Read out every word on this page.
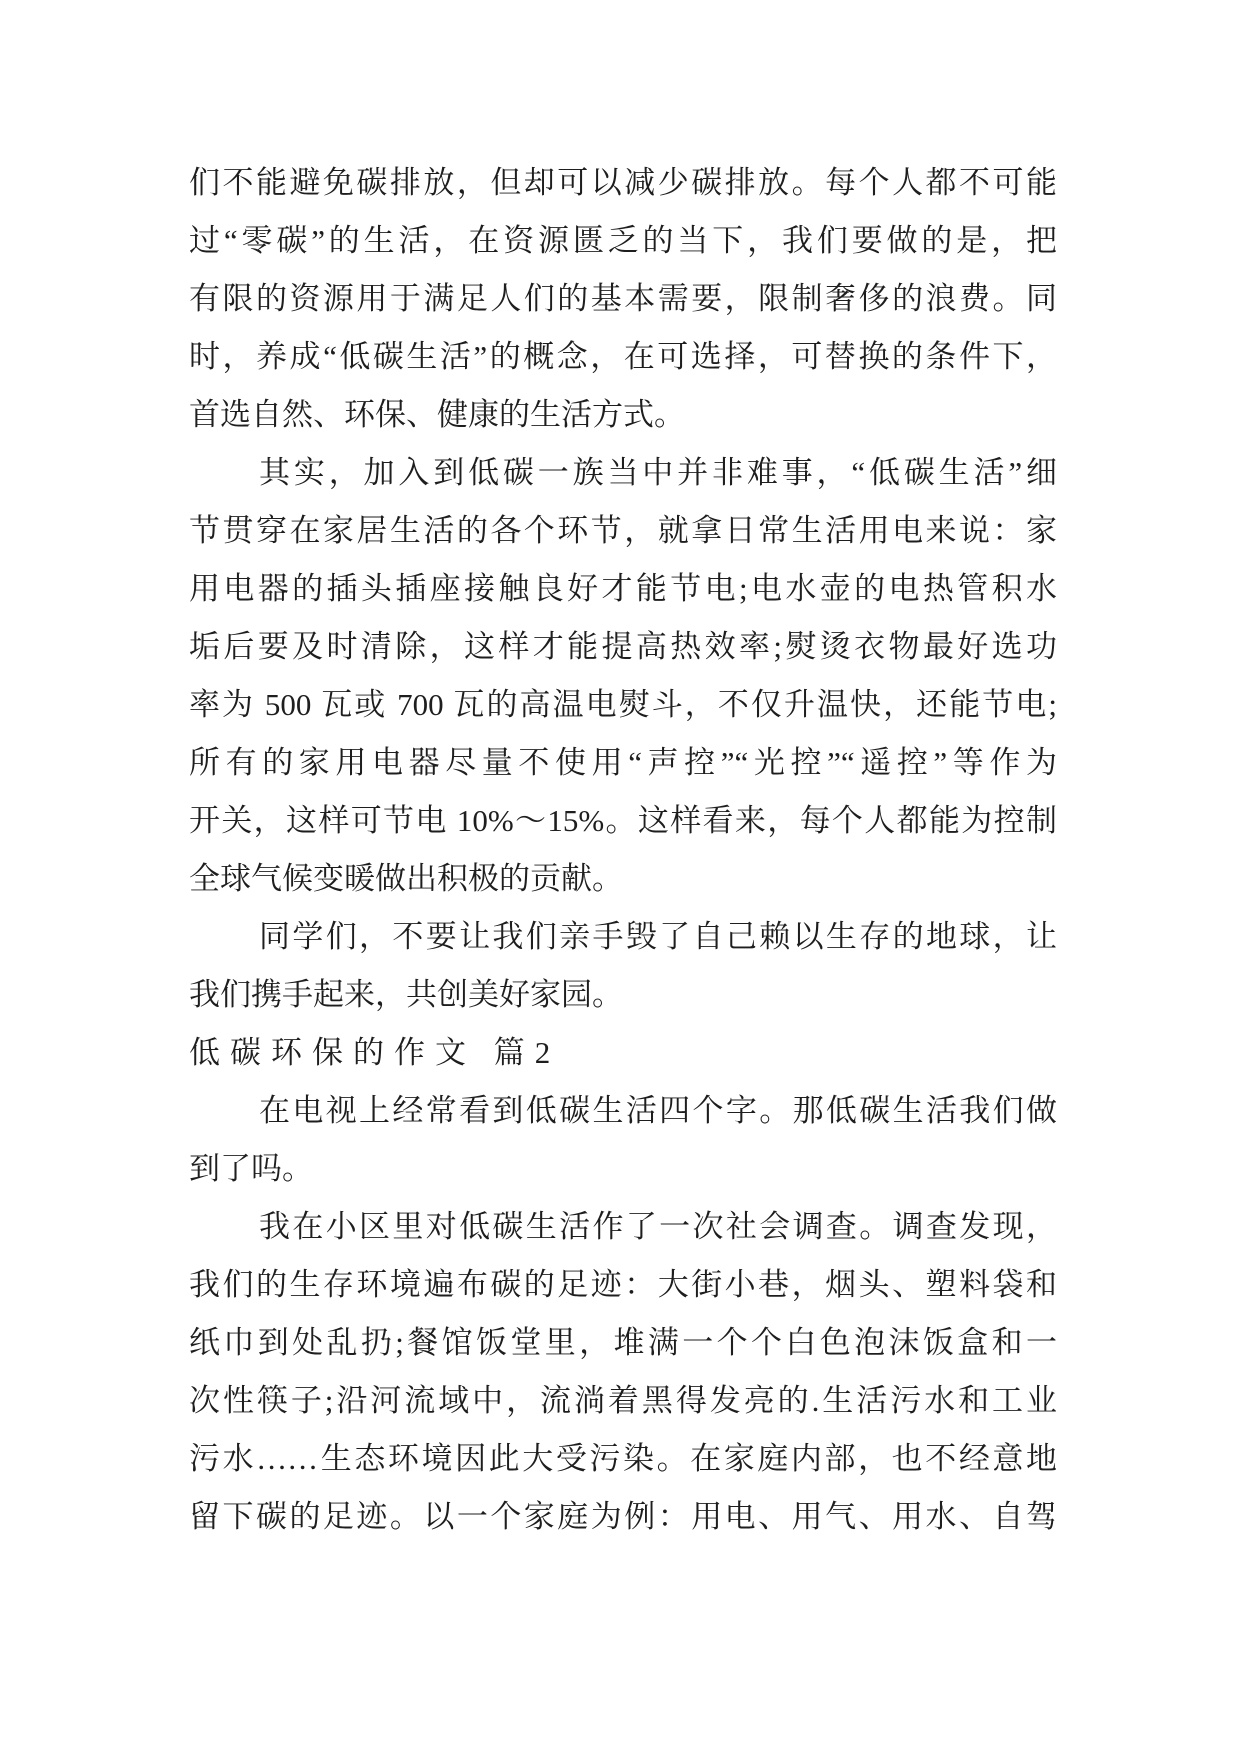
们不能避免碳排放，但却可以减少碳排放。每个人都不可能
过“零碳”的生活，在资源匮乏的当下，我们要做的是，把
有限的资源用于满足人们的基本需要，限制奢侈的浪费。同
时，养成“低碳生活”的概念，在可选择，可替换的条件下，
首选自然、环保、健康的生活方式。
其实，加入到低碳一族当中并非难事，“低碳生活”细
节贯穿在家居生活的各个环节，就拿日常生活用电来说：家
用电器的插头插座接触良好才能节电;电水壶的电热管积水
垢后要及时清除，这样才能提高热效率;熨烫衣物最好选功
率为 500 瓦或 700 瓦的高温电熨斗，不仅升温快，还能节电;
所有的家用电器尽量不使用“声控”“光控”“遥控”等作为
开关，这样可节电 10%～15%。这样看来，每个人都能为控制
全球气候变暖做出积极的贡献。
同学们，不要让我们亲手毁了自己赖以生存的地球，让
我们携手起来，共创美好家园。
低碳环保的作文 篇2
在电视上经常看到低碳生活四个字。那低碳生活我们做
到了吗。
我在小区里对低碳生活作了一次社会调查。调查发现，
我们的生存环境遍布碳的足迹：大街小巷，烟头、塑料袋和
纸巾到处乱扔;餐馆饭堂里，堆满一个个白色泡沫饭盒和一
次性筷子;沿河流域中，流淌着黑得发亮的.生活污水和工业
污水……生态环境因此大受污染。在家庭内部，也不经意地
留下碳的足迹。以一个家庭为例：用电、用气、用水、自驾
